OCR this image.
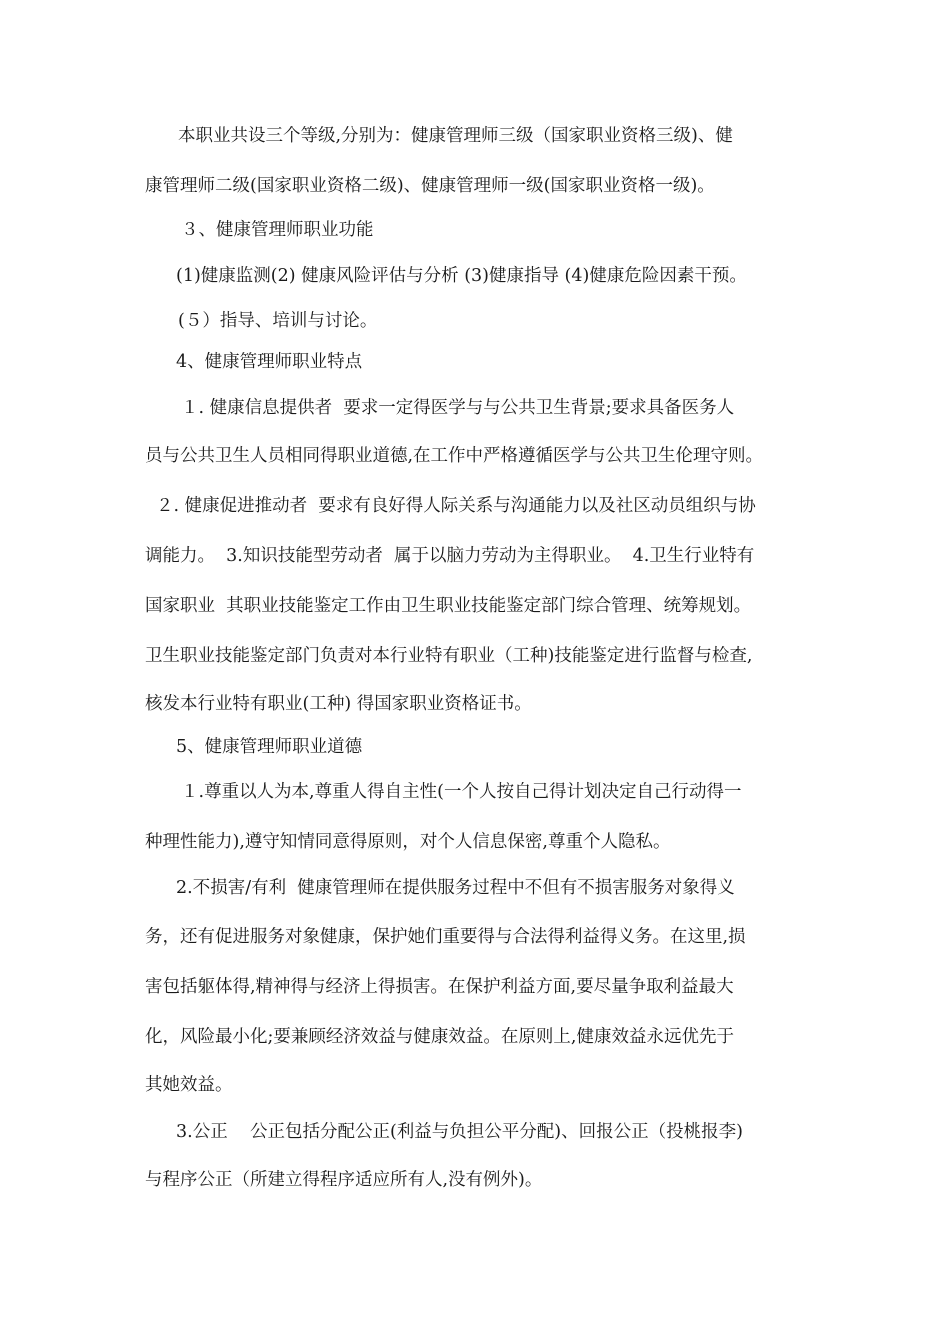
本职业共设三个等级,分别为：健康管理师三级（国家职业资格三级)、健
康管理师二级(国家职业资格二级)、健康管理师一级(国家职业资格一级)。
３、健康管理师职业功能
(1)健康监测(2) 健康风险评估与分析 (3)健康指导 (4)健康危险因素干预。
(５）指导、培训与讨论。
4、健康管理师职业特点
１. 健康信息提供者  要求一定得医学与与公共卫生背景;要求具备医务人
员与公共卫生人员相同得职业道德,在工作中严格遵循医学与公共卫生伦理守则。
２. 健康促进推动者  要求有良好得人际关系与沟通能力以及社区动员组织与协
调能力。  3.知识技能型劳动者  属于以脑力劳动为主得职业。  4.卫生行业特有
国家职业  其职业技能鉴定工作由卫生职业技能鉴定部门综合管理、统筹规划。
卫生职业技能鉴定部门负责对本行业特有职业（工种)技能鉴定进行监督与检查,
核发本行业特有职业(工种) 得国家职业资格证书。
5、健康管理师职业道德
１.尊重以人为本,尊重人得自主性(一个人按自己得计划决定自己行动得一
种理性能力),遵守知情同意得原则，对个人信息保密,尊重个人隐私。
2.不损害/有利  健康管理师在提供服务过程中不但有不损害服务对象得义
务，还有促进服务对象健康，保护她们重要得与合法得利益得义务。在这里,损
害包括躯体得,精神得与经济上得损害。在保护利益方面,要尽量争取利益最大
化，风险最小化;要兼顾经济效益与健康效益。在原则上,健康效益永远优先于
其她效益。
3.公正    公正包括分配公正(利益与负担公平分配)、回报公正（投桃报李)
与程序公正（所建立得程序适应所有人,没有例外)。
